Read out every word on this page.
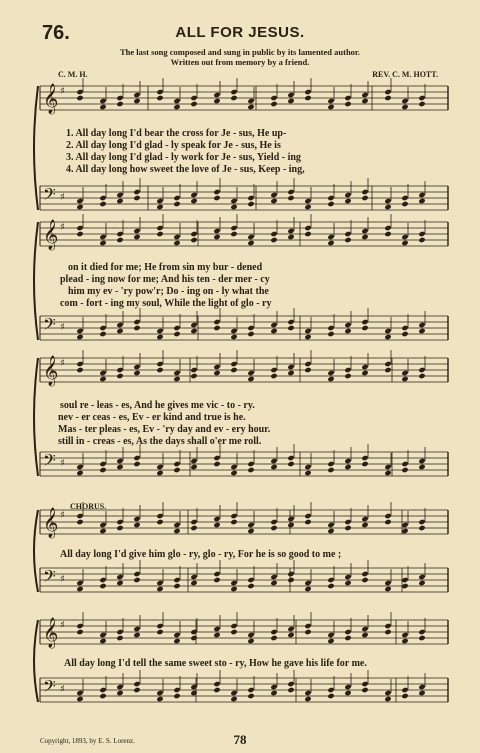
76.	ALL FOR JESUS.
The last song composed and sung in public by its lamented author.
Written out from memory by a friend.
C. M. H.	REV. C. M. HOTT.
𝄞 ♯
𝄢 ♯
𝄞 ♯
𝄢 ♯
𝄞 ♯
𝄢 ♯
𝄞 ♯
𝄢 ♯
𝄞 ♯
𝄢 ♯
1. All day long I'd bear the cross for Je - sus, He up-
2. All day long I'd glad - ly speak for Je - sus, He is
3. All day long I'd glad - ly work for Je - sus, Yield - ing
4. All day long how sweet the love of Je - sus, Keep - ing,
on it died for me; He from sin my bur - dened
plead - ing now for me; And his ten - der mer - cy
him my ev - 'ry pow'r; Do - ing on - ly what the
com - fort - ing my soul, While the light of glo - ry
soul re - leas - es, And he gives me vic - to - ry.
nev - er ceas - es, Ev - er kind and true is he.
Mas - ter pleas - es, Ev - 'ry day and ev - ery hour.
still in - creas - es, As the days shall o'er me roll.
CHORUS.
All day long I'd give him glo - ry, glo - ry, For he is so good to me ;
All day long I'd tell the same sweet sto - ry, How he gave his life for me.
Copyright, 1893, by E. S. Lorenz.	78
